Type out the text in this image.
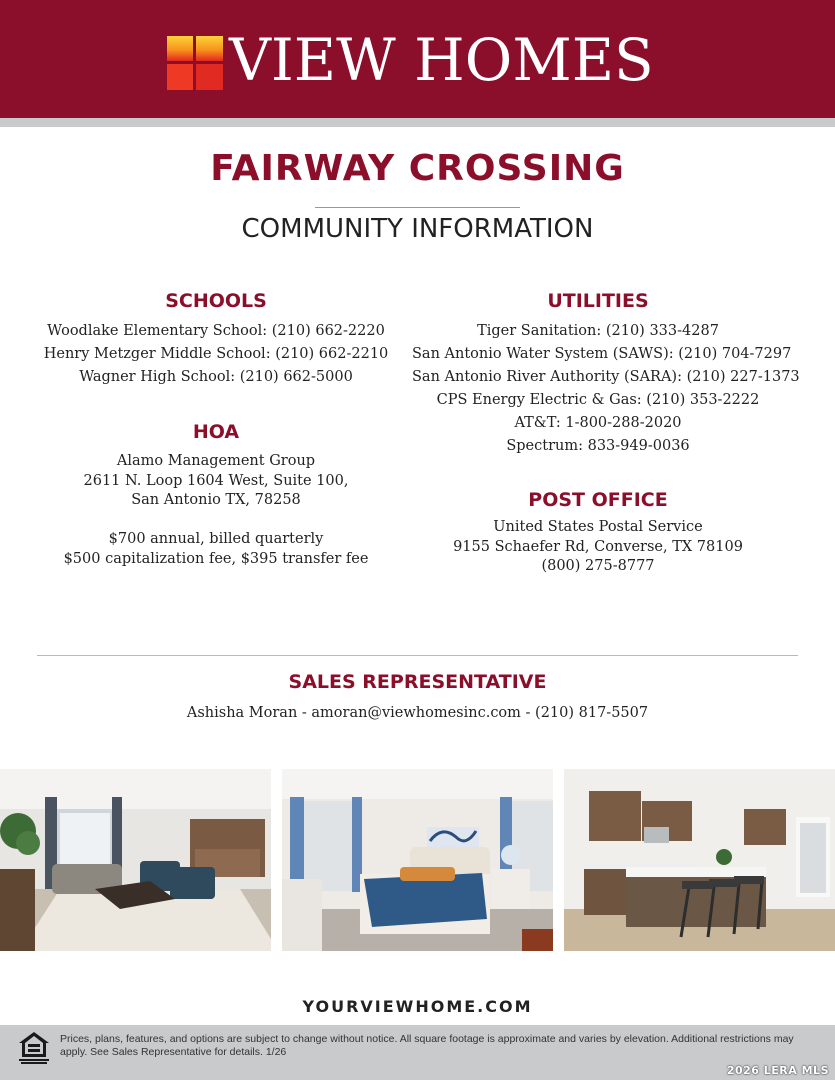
VIEW HOMES
FAIRWAY CROSSING
COMMUNITY INFORMATION
SCHOOLS
Woodlake Elementary School: (210) 662-2220
Henry Metzger Middle School: (210) 662-2210
Wagner High School: (210) 662-5000
HOA
Alamo Management Group
2611 N. Loop 1604 West, Suite 100,
San Antonio TX, 78258
$700 annual, billed quarterly
$500 capitalization fee, $395 transfer fee
UTILITIES
Tiger Sanitation: (210) 333-4287
San Antonio Water System (SAWS): (210) 704-7297
San Antonio River Authority (SARA): (210) 227-1373
CPS Energy Electric & Gas: (210) 353-2222
AT&T: 1-800-288-2020
Spectrum: 833-949-0036
POST OFFICE
United States Postal Service
9155 Schaefer Rd, Converse, TX 78109
(800) 275-8777
SALES REPRESENTATIVE
Ashisha Moran - amoran@viewhomesinc.com - (210) 817-5507
YOURVIEWHOME.COM
Prices, plans, features, and options are subject to change without notice. All square footage is approximate and varies by elevation. Additional restrictions may apply. See Sales Representative for details. 1/26
2026 LERA MLS
